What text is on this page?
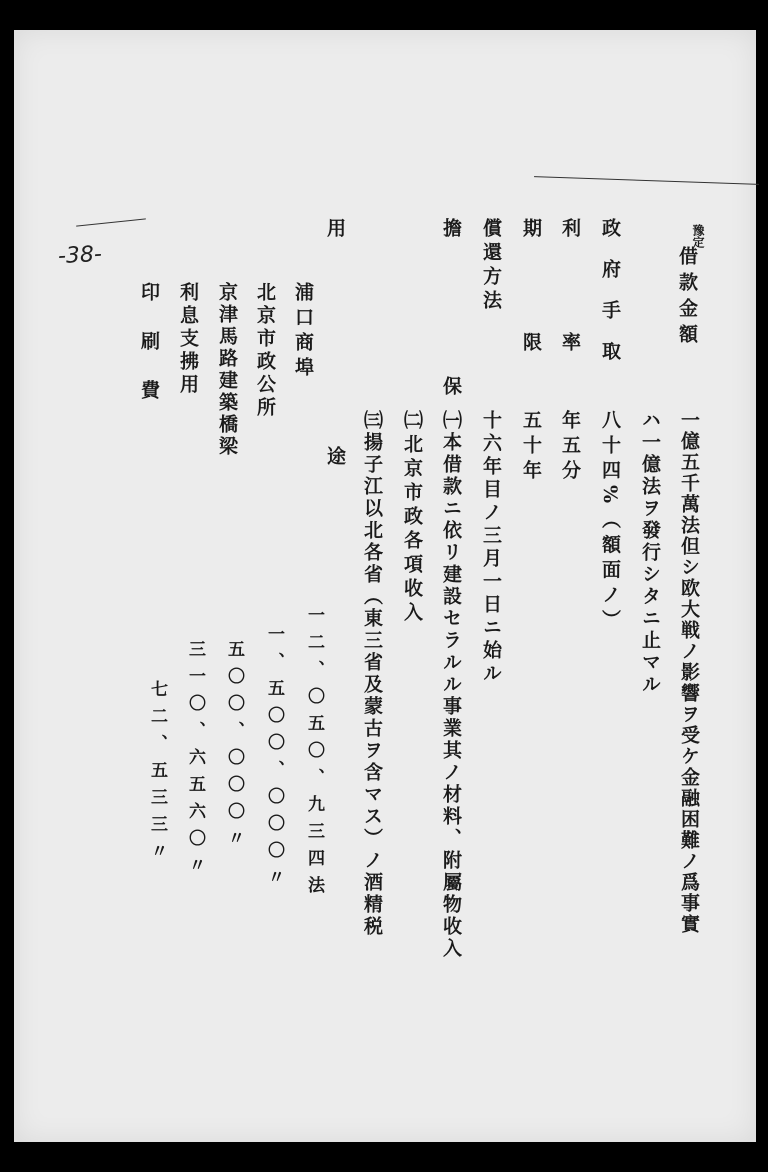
-38-
豫定
借款金額
一億五千萬法但シ欧大戦ノ影響ヲ受ケ金融困難ノ爲事實
ハ一億法ヲ發行シタニ止マル
政府手取
八十四%（額面ノ）
利　率
年五分
期　限
五十年
償還方法
十六年目ノ三月一日ニ始ル
擔　保
㈠本借款ニ依リ建設セラルル事業其ノ材料、附屬物收入
㈡北京市政各項收入
㈢揚子江以北各省（東三省及蒙古ヲ含マス）ノ酒精税
用　途
浦口商埠
一二、〇五〇、九三四法
北京市政公所
一、五〇〇、〇〇〇〃
京津馬路建築橋梁
五〇〇、〇〇〇〃
利息支拂用
三一〇、六五六〇〃
印刷費
七二、五三三〃
